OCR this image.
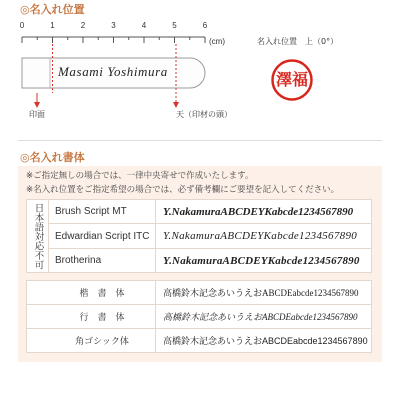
◎名入れ位置
0	1	2	3	4	5	6
(cm)
Masami Yoshimura
印面	天（印材の頭）
名入れ位置　上（0°）
福
澤
◎名入れ書体
※ご指定無しの場合では、一律中央寄せで作成いたします。
※名入れ位置をご指定希望の場合では、必ず備考欄にご要望を記入してください。
日本語対応不可	Brush Script MT	Y.NakamuraABCDEYKabcde1234567890
Edwardian Script ITC	Y.NakamuraABCDEYKabcde1234567890
Brotherina	Y.NakamuraABCDEYKabcde1234567890
楷　書　体	高橋鈴木記念あいうえおABCDEabcde1234567890
行　書　体	高橋鈴木記念あいうえおABCDEabcde1234567890
角ゴシック体	高橋鈴木記念あいうえおABCDEabcde1234567890
